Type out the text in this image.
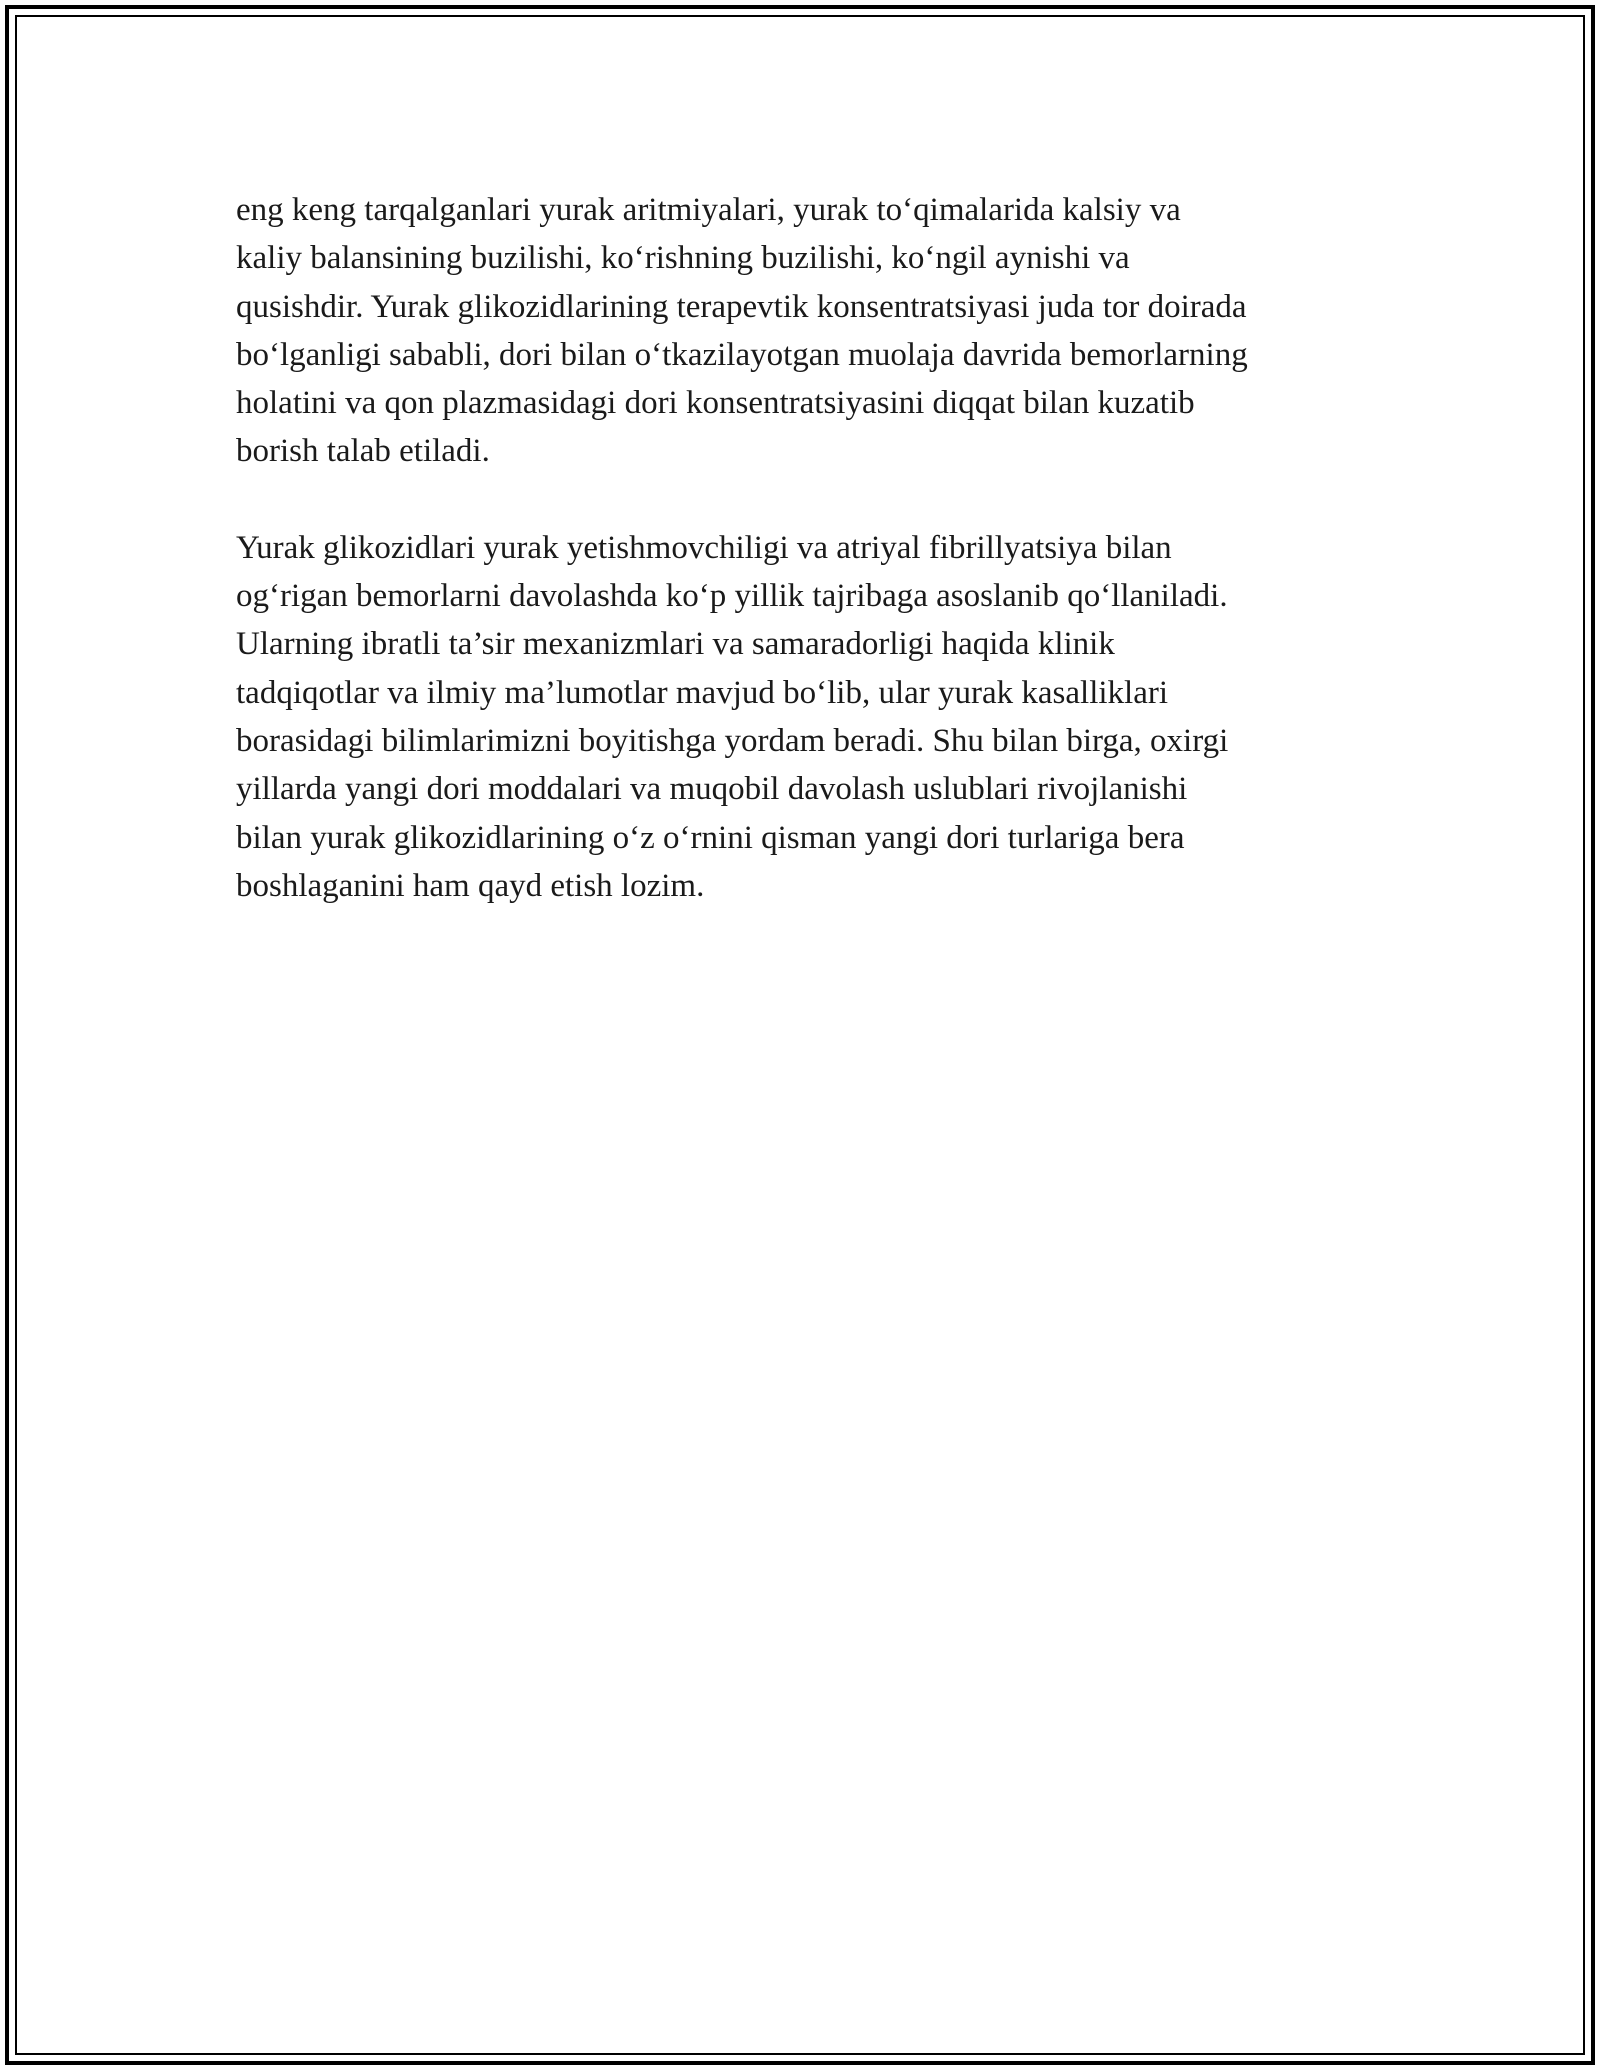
eng keng tarqalganlari yurak aritmiyalari, yurak to‘qimalarida kalsiy va
kaliy balansining buzilishi, ko‘rishning buzilishi, ko‘ngil aynishi va
qusishdir. Yurak glikozidlarining terapevtik konsentratsiyasi juda tor doirada
bo‘lganligi sababli, dori bilan o‘tkazilayotgan muolaja davrida bemorlarning
holatini va qon plazmasidagi dori konsentratsiyasini diqqat bilan kuzatib
borish talab etiladi.

Yurak glikozidlari yurak yetishmovchiligi va atriyal fibrillyatsiya bilan
og‘rigan bemorlarni davolashda ko‘p yillik tajribaga asoslanib qo‘llaniladi.
Ularning ibratli ta’sir mexanizmlari va samaradorligi haqida klinik
tadqiqotlar va ilmiy ma’lumotlar mavjud bo‘lib, ular yurak kasalliklari
borasidagi bilimlarimizni boyitishga yordam beradi. Shu bilan birga, oxirgi
yillarda yangi dori moddalari va muqobil davolash uslublari rivojlanishi
bilan yurak glikozidlarining o‘z o‘rnini qisman yangi dori turlariga bera
boshlaganini ham qayd etish lozim.
